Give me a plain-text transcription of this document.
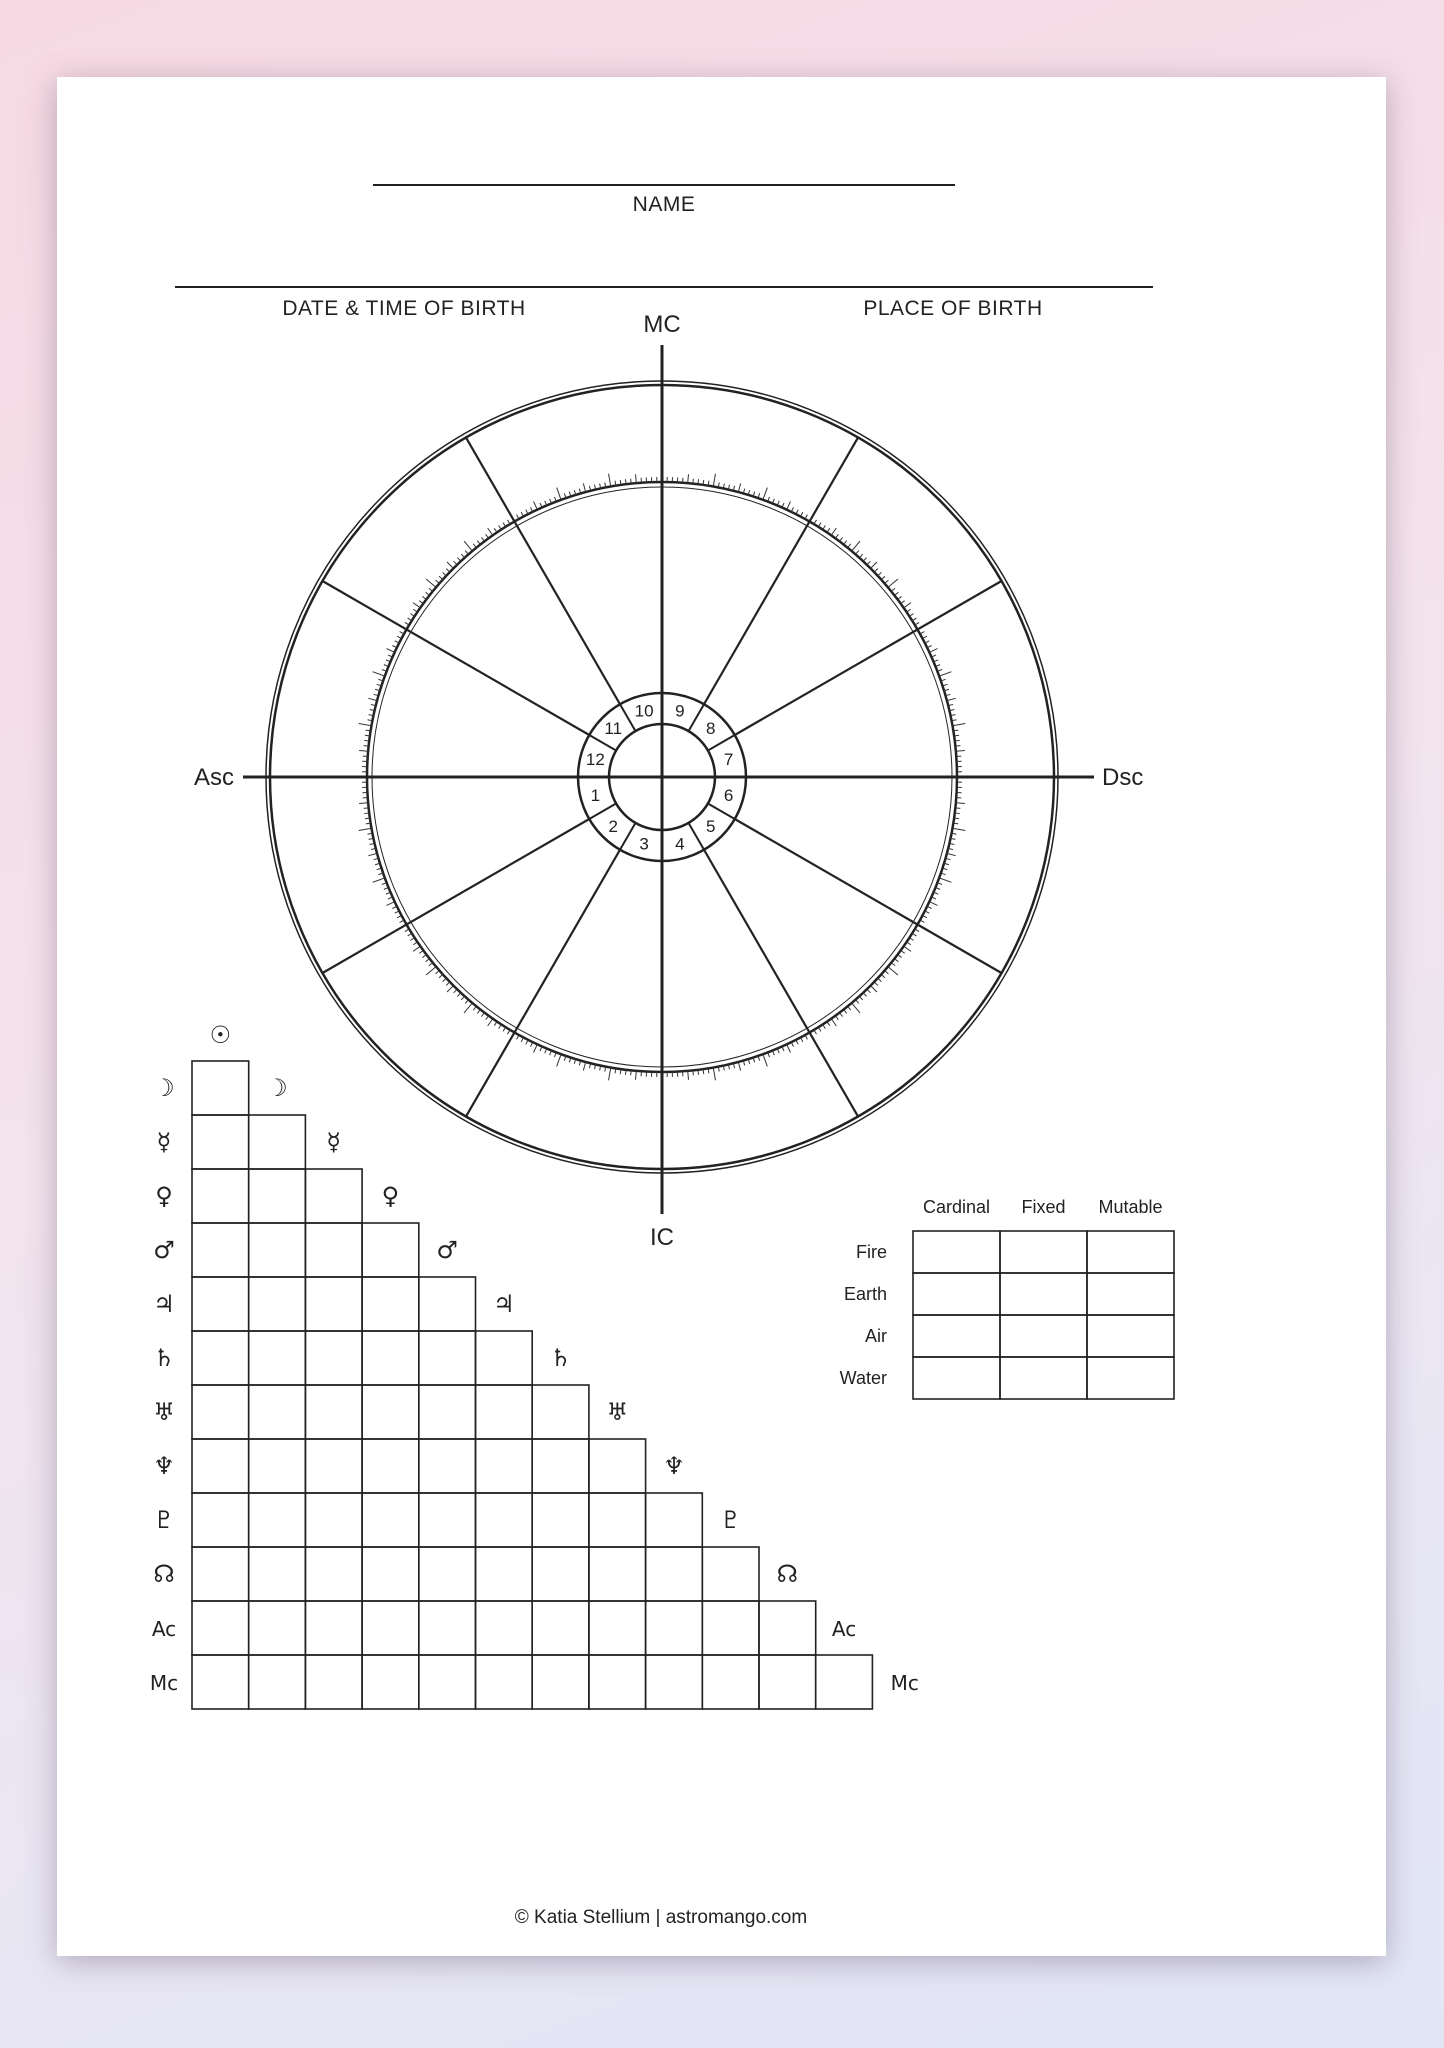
NAME
DATE & TIME OF BIRTH	PLACE OF BIRTH
1
2
3 4
5
6
7
8
9
10
11
12
MC
IC
Asc	Dsc
☉
☽
☿
♀
♂
♃
♄
♅
♆
♇
☊
Ac
Mc
☽
☿
♀
♂
♃
♄
♅
♆
♇
☊
Ac
Mc
Cardinal Fixed Mutable
Fire
Earth
Air
Water
© Katia Stellium | astromango.com
